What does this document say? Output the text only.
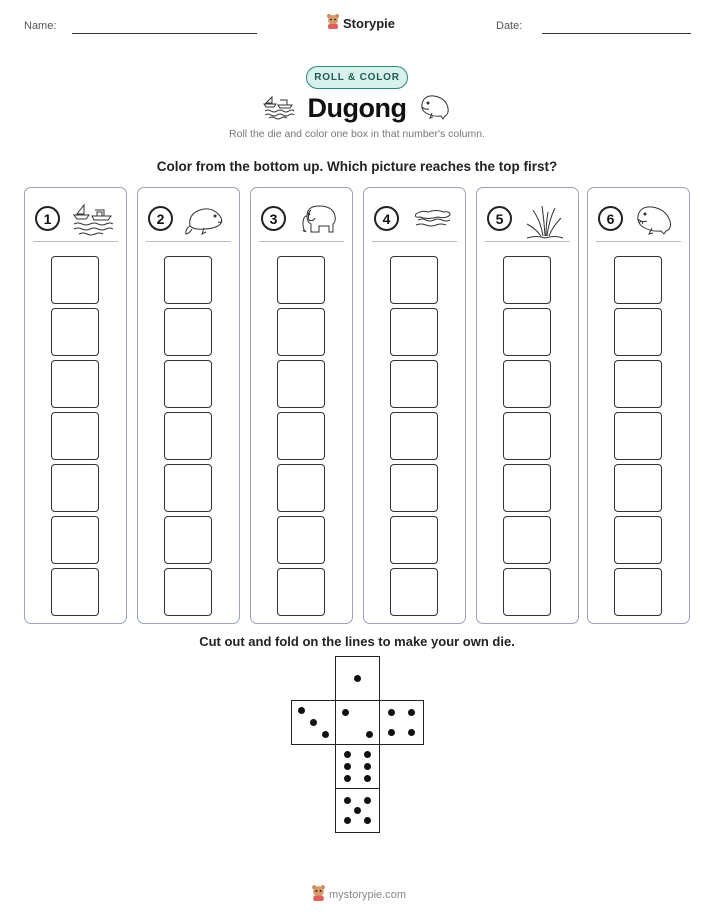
Name:	Storypie	Date:
ROLL & COLOR
Dugong
Roll the die and color one box in that number's column.
Color from the bottom up. Which picture reaches the top first?
1	2	3	4	5	6
Cut out and fold on the lines to make your own die.
mystorypie.com
